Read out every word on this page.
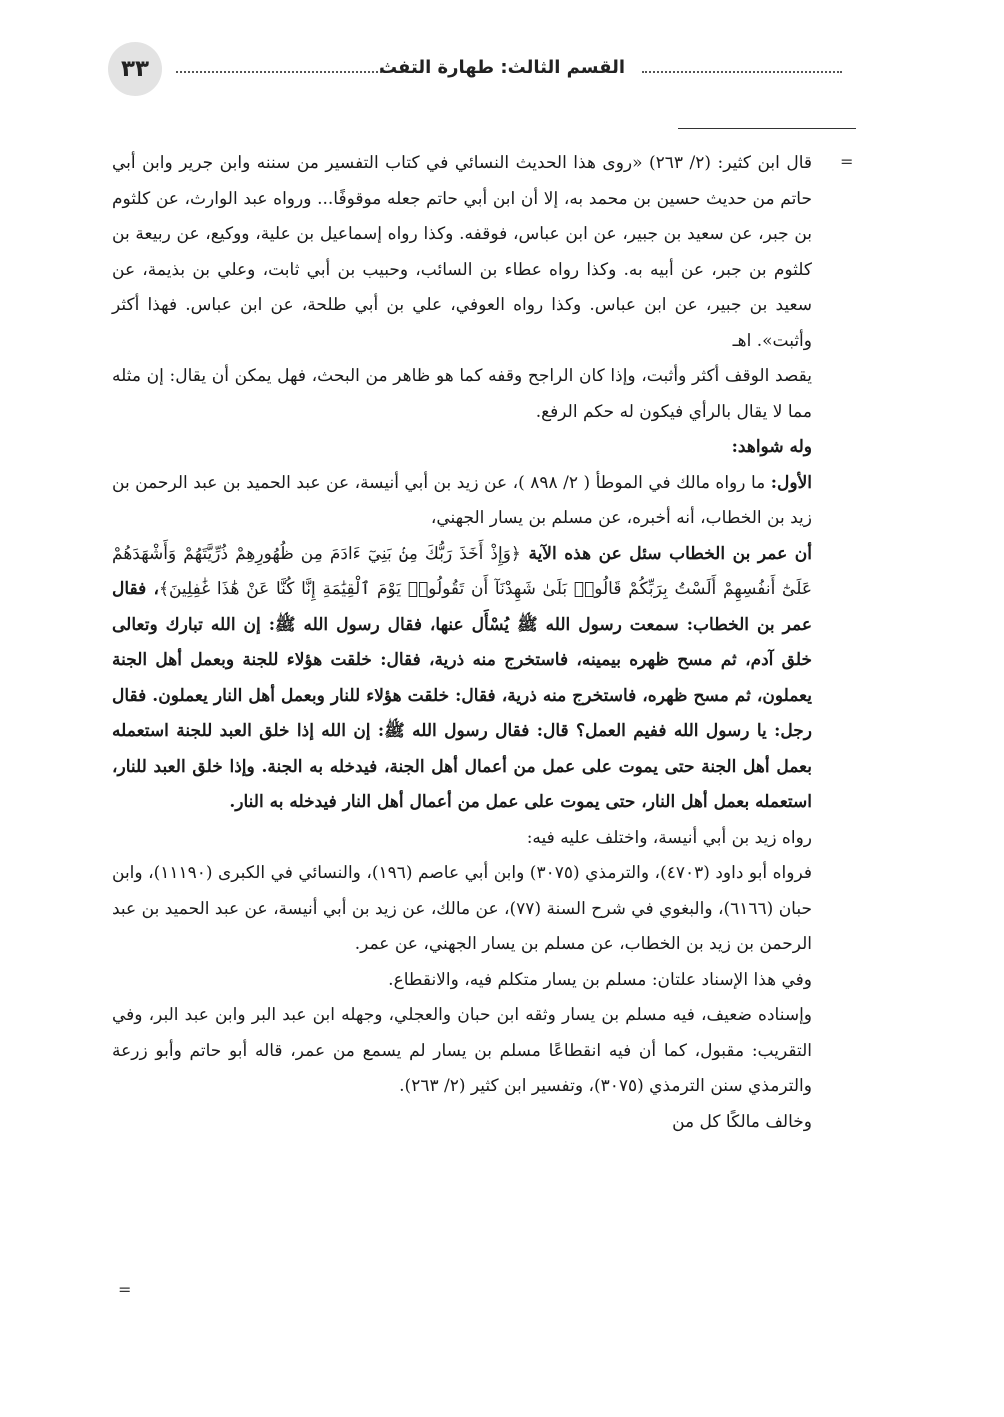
٣٣	القسم الثالث: طهارة التفث
=

قال ابن كثير: (٢/ ٢٦٣) «روى هذا الحديث النسائي في كتاب التفسير من سننه وابن جرير وابن أبي حاتم من حديث حسين بن محمد به، إلا أن ابن أبي حاتم جعله موقوفًا... ورواه عبد الوارث، عن كلثوم بن جبر، عن سعيد بن جبير، عن ابن عباس، فوقفه. وكذا رواه إسماعيل بن علية، ووكيع، عن ربيعة بن كلثوم بن جبر، عن أبيه به. وكذا رواه عطاء بن السائب، وحبيب بن أبي ثابت، وعلي بن بذيمة، عن سعيد بن جبير، عن ابن عباس. وكذا رواه العوفي، علي بن أبي طلحة، عن ابن عباس. فهذا أكثر وأثبت». اهـ

يقصد الوقف أكثر وأثبت، وإذا كان الراجح وقفه كما هو ظاهر من البحث، فهل يمكن أن يقال: إن مثله مما لا يقال بالرأي فيكون له حكم الرفع.

وله شواهد:

الأول: ما رواه مالك في الموطأ ( ٢/ ٨٩٨ )، عن زيد بن أبي أنيسة، عن عبد الحميد بن عبد الرحمن بن زيد بن الخطاب، أنه أخبره، عن مسلم بن يسار الجهني،

أن عمر بن الخطاب سئل عن هذه الآية ﴿وَإِذْ أَخَذَ رَبُّكَ مِنۢ بَنِيٓ ءَادَمَ مِن ظُهُورِهِمْ ذُرِّيَّتَهُمْ وَأَشْهَدَهُمْ عَلَىٰٓ أَنفُسِهِمْ أَلَسْتُ بِرَبِّكُمْ قَالُوا۟ بَلَىٰ شَهِدْنَآ أَن تَقُولُوا۟ يَوْمَ ٱلْقِيَٰمَةِ إِنَّا كُنَّا عَنْ هَٰذَا غَٰفِلِينَ﴾، فقال عمر بن الخطاب: سمعت رسول الله ﷺ يُسْأَل عنها، فقال رسول الله ﷺ: إن الله تبارك وتعالى خلق آدم، ثم مسح ظهره بيمينه، فاستخرج منه ذرية، فقال: خلقت هؤلاء للجنة وبعمل أهل الجنة يعملون، ثم مسح ظهره، فاستخرج منه ذرية، فقال: خلقت هؤلاء للنار وبعمل أهل النار يعملون. فقال رجل: يا رسول الله ففيم العمل؟ قال: فقال رسول الله ﷺ: إن الله إذا خلق العبد للجنة استعمله بعمل أهل الجنة حتى يموت على عمل من أعمال أهل الجنة، فيدخله به الجنة. وإذا خلق العبد للنار، استعمله بعمل أهل النار، حتى يموت على عمل من أعمال أهل النار فيدخله به النار.

رواه زيد بن أبي أنيسة، واختلف عليه فيه:

فرواه أبو داود (٤٧٠٣)، والترمذي (٣٠٧٥) وابن أبي عاصم (١٩٦)، والنسائي في الكبرى (١١١٩٠)، وابن حبان (٦١٦٦)، والبغوي في شرح السنة (٧٧)، عن مالك، عن زيد بن أبي أنيسة، عن عبد الحميد بن عبد الرحمن بن زيد بن الخطاب، عن مسلم بن يسار الجهني، عن عمر.

وفي هذا الإسناد علتان: مسلم بن يسار متكلم فيه، والانقطاع.

وإسناده ضعيف، فيه مسلم بن يسار وثقه ابن حبان والعجلي، وجهله ابن عبد البر وابن عبد البر، وفي التقريب: مقبول، كما أن فيه انقطاعًا مسلم بن يسار لم يسمع من عمر، قاله أبو حاتم وأبو زرعة والترمذي سنن الترمذي (٣٠٧٥)، وتفسير ابن كثير (٢/ ٢٦٣).

وخالف مالكًا كل من

=
